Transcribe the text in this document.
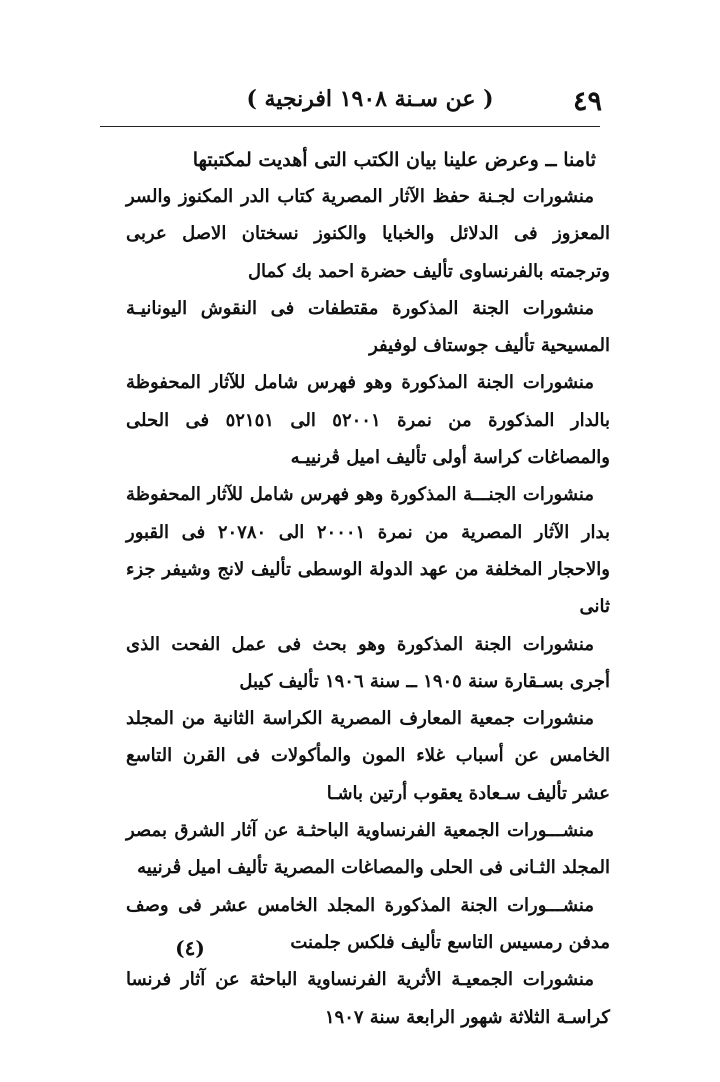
٤٩
( عن سـنة ١٩٠٨ افرنجية )
ثامنا ــ وعرض علينا بيان الكتب التى أهديت لمكتبتها

منشورات لجـنة حفظ الآثار المصرية كتاب الدر المكنوز والسر المعزوز فى الدلائل والخبايا والكنوز نسختان الاصل عربى وترجمته بالفرنساوى تأليف حضرة احمد بك كمال

منشورات الجنة المذكورة مقتطفات فى النقوش اليونانيـة المسيحية تأليف جوستاف لوفيفر

منشورات الجنة المذكورة وهو فهرس شامل للآثار المحفوظة بالدار المذكورة من نمرة ٥٢٠٠١ الى ٥٢١٥١ فى الحلى والمصاغات كراسة أولى تأليف اميل ڤرنييـه

منشورات الجنـــة المذكورة وهو فهرس شامل للآثار المحفوظة بدار الآثار المصرية من نمرة ٢٠٠٠١ الى ٢٠٧٨٠ فى القبور والاحجار المخلفة من عهد الدولة الوسطى تأليف لانج وشيفر جزء ثانى

منشورات الجنة المذكورة وهو بحث فى عمل الفحت الذى أجرى بسـقارة سنة ١٩٠٥ ــ سنة ١٩٠٦ تأليف كيبل

منشورات جمعية المعارف المصرية الكراسة الثانية من المجلد الخامس عن أسباب غلاء المون والمأكولات فى القرن التاسع عشر تأليف سـعادة يعقوب أرتين باشـا

منشـــورات الجمعية الفرنساوية الباحثـة عن آثار الشرق بمصر المجلد الثـانى فى الحلى والمصاغات المصرية تأليف اميل ڤرنييه

منشـــورات الجنة المذكورة المجلد الخامس عشر فى وصف مدفن رمسيس التاسع تأليف فلكس جلمنت

منشورات الجمعيـة الأثرية الفرنساوية الباحثة عن آثار فرنسا كراسـة الثلاثة شهور الرابعة سنة ١٩٠٧

(٤)
